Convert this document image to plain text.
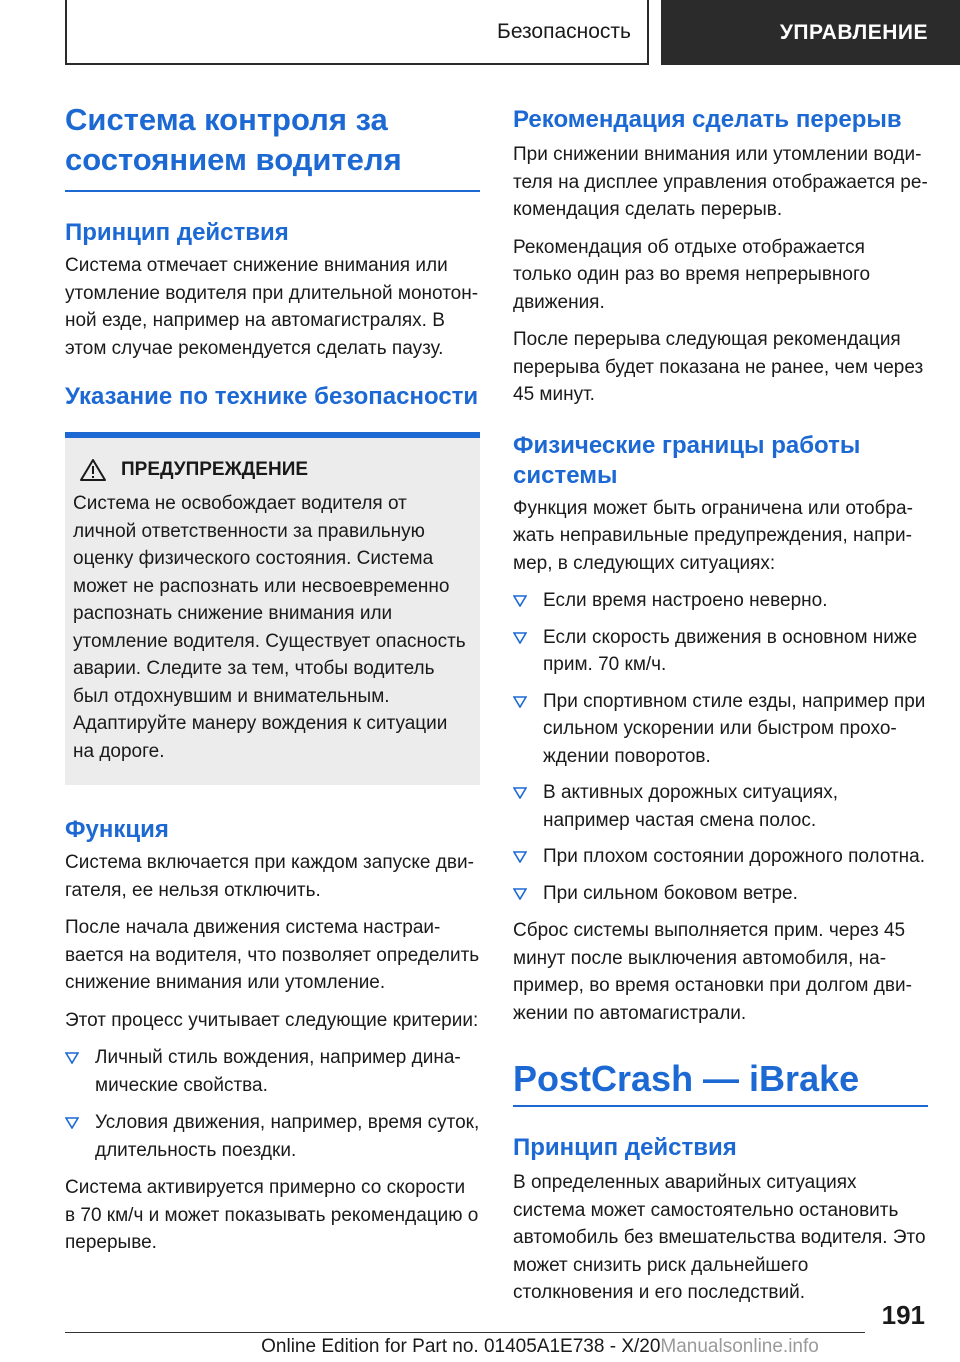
Безопасность	УПРАВЛЕНИЕ
Система контроля за состоянием водителя
Принцип действия

Система отмечает снижение внимания или утомление водителя при длительной монотонной езде, например на автомагистралях. В этом случае рекомендуется сделать паузу.

Указание по технике безопасности
ПРЕДУПРЕЖДЕНИЕ
Система не освобождает водителя от личной ответственности за правильную оценку физического состояния. Система может не распознать или несвоевременно распознать снижение внимания или утомление водителя. Существует опасность аварии. Следите за тем, чтобы водитель был отдохнувшим и внимательным. Адаптируйте манеру вождения к ситуации на дороге.
Функция

Система включается при каждом запуске двигателя, ее нельзя отключить.

После начала движения система настраивается на водителя, что позволяет определить снижение внимания или утомление.

Этот процесс учитывает следующие критерии:

Личный стиль вождения, например динамические свойства.
Условия движения, например, время суток, длительность поездки.

Система активируется примерно со скорости в 70 км/ч и может показывать рекомендацию о перерыве.

Рекомендация сделать перерыв

При снижении внимания или утомлении водителя на дисплее управления отображается рекомендация сделать перерыв.

Рекомендация об отдыхе отображается только один раз во время непрерывного движения.

После перерыва следующая рекомендация перерыва будет показана не ранее, чем через 45 минут.

Физические границы работы системы

Функция может быть ограничена или отображать неправильные предупреждения, например, в следующих ситуациях:

Если время настроено неверно.
Если скорость движения в основном ниже прим. 70 км/ч.
При спортивном стиле езды, например при сильном ускорении или быстром прохождении поворотов.
В активных дорожных ситуациях, например частая смена полос.
При плохом состоянии дорожного полотна.
При сильном боковом ветре.

Сброс системы выполняется прим. через 45 минут после выключения автомобиля, например, во время остановки при долгом движении по автомагистрали.

PostCrash — iBrake
Принцип действия

В определенных аварийных ситуациях система может самостоятельно остановить автомобиль без вмешательства водителя. Это может снизить риск дальнейшего столкновения и его последствий.

191
Online Edition for Part no. 01405A1E738 - X/20Manualsonline.info
